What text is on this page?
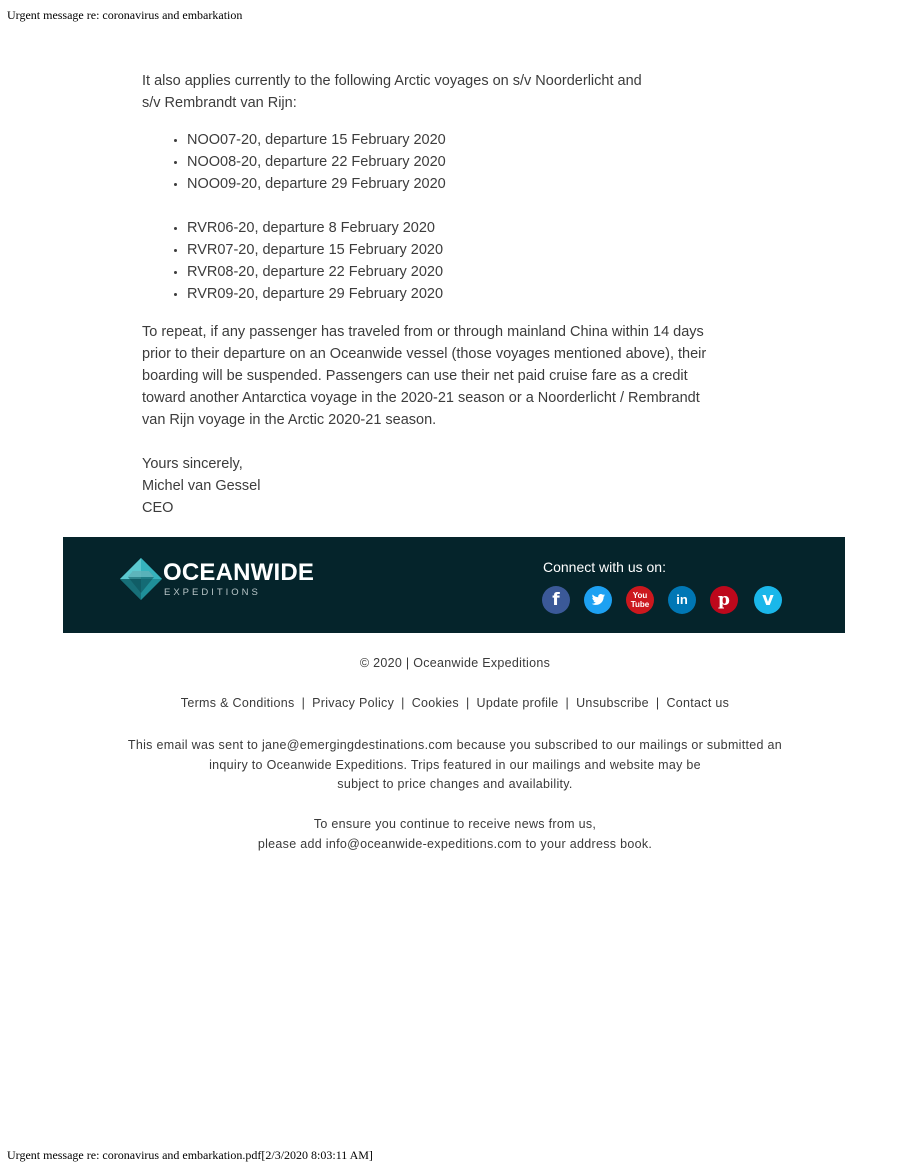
Urgent message re: coronavirus and embarkation

It also applies currently to the following Arctic voyages on s/v Noorderlicht and
s/v Rembrandt van Rijn:

• NOO07-20, departure 15 February 2020
• NOO08-20, departure 22 February 2020
• NOO09-20, departure 29 February 2020
• RVR06-20, departure 8 February 2020
• RVR07-20, departure 15 February 2020
• RVR08-20, departure 22 February 2020
• RVR09-20, departure 29 February 2020

To repeat, if any passenger has traveled from or through mainland China within 14 days
prior to their departure on an Oceanwide vessel (those voyages mentioned above), their
boarding will be suspended. Passengers can use their net paid cruise fare as a credit
toward another Antarctica voyage in the 2020-21 season or a Noorderlicht / Rembrandt
van Rijn voyage in the Arctic 2020-21 season.

Yours sincerely,
Michel van Gessel
CEO

OCEANWIDE
EXPEDITIONS
Connect with us on:
f	You Tube	in	p	v
© 2020 | Oceanwide Expeditions
Terms & Conditions | Privacy Policy | Cookies | Update profile | Unsubscribe | Contact us
This email was sent to jane@emergingdestinations.com because you subscribed to our mailings or submitted an
inquiry to Oceanwide Expeditions. Trips featured in our mailings and website may be
subject to price changes and availability.
To ensure you continue to receive news from us,
please add info@oceanwide-expeditions.com to your address book.
Urgent message re: coronavirus and embarkation.pdf[2/3/2020 8:03:11 AM]
